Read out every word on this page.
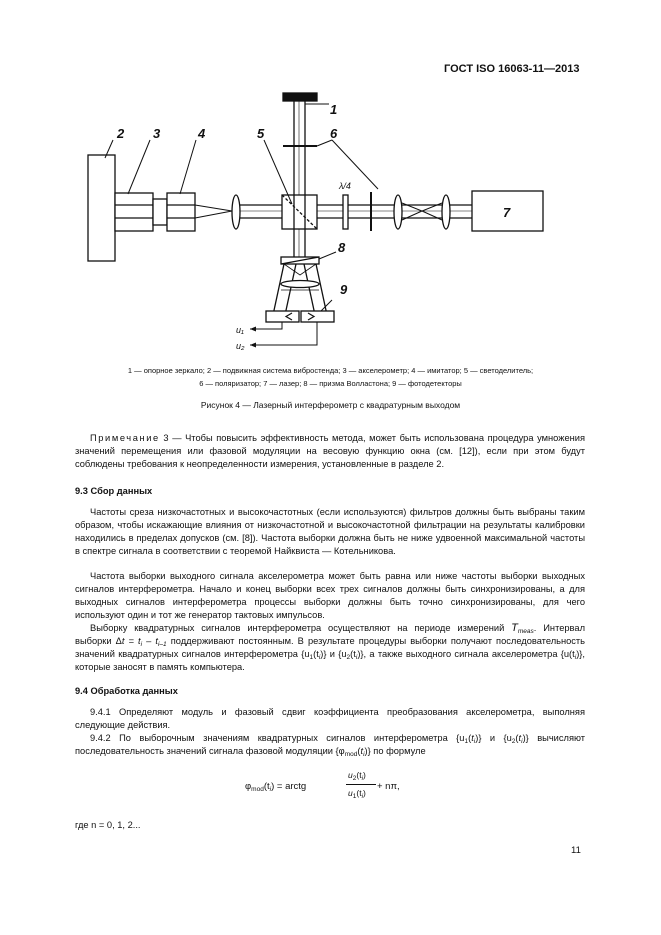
ГОСТ ISO 16063-11—2013
1
2 3	4	5	6
7
8
9
λ/4
u₁
u₂
1 — опорное зеркало; 2 — подвижная система вибростенда; 3 — акселерометр; 4 — имитатор; 5 — светоделитель;
6 — поляризатор; 7 — лазер; 8 — призма Волластона; 9 — фотодетекторы
Рисунок 4 — Лазерный интерферометр с квадратурным выходом
Примечание 3 — Чтобы повысить эффективность метода, может быть использована процедура умножения значений перемещения или фазовой модуляции на весовую функцию окна (см. [12]), если при этом будут соблюдены требования к неопределенности измерения, установленные в разделе 2.
9.3 Сбор данных
Частоты среза низкочастотных и высокочастотных (если используются) фильтров должны быть выбраны таким образом, чтобы искажающие влияния от низкочастотной и высокочастотной фильтрации на результаты калибровки находились в пределах допусков (см. [8]). Частота выборки должна быть не ниже удвоенной максимальной частоты в спектре сигнала в соответствии с теоремой Найквиста — Котельникова.
Частота выборки выходного сигнала акселерометра может быть равна или ниже частоты выборки выходных сигналов интерферометра. Начало и конец выборки всех трех сигналов должны быть синхронизированы, а для выходных сигналов интерферометра процессы выборки должны быть точно синхронизированы, для чего используют один и тот же генератор тактовых импульсов.
Выборку квадратурных сигналов интерферометра осуществляют на периоде измерений $T_{meas}$. Интервал выборки $\Delta t = t_i - t_{i-1}$ поддерживают постоянным. В результате процедуры выборки получают последовательность значений квадратурных сигналов интерферометра $\{u_1(t_i)\}$ и $\{u_2(t_i)\}$, а также выходного сигнала акселерометра $\{u(t_i)\}$, которые заносят в память компьютера.
9.4 Обработка данных
9.4.1 Определяют модуль и фазовый сдвиг коэффициента преобразования акселерометра, выполняя следующие действия.
9.4.2 По выборочным значениям квадратурных сигналов интерферометра $\{u_1(t_i)\}$ и $\{u_2(t_i)\}$ вычисляют последовательность значений сигнала фазовой модуляции $\{\varphi_{mod}(t_i)\}$ по формуле
$\varphi_{mod}(t_i)$ = arctg
$u_2(t_i)$
$u_1(t_i)$
+ nπ,
где n = 0, 1, 2...
11
